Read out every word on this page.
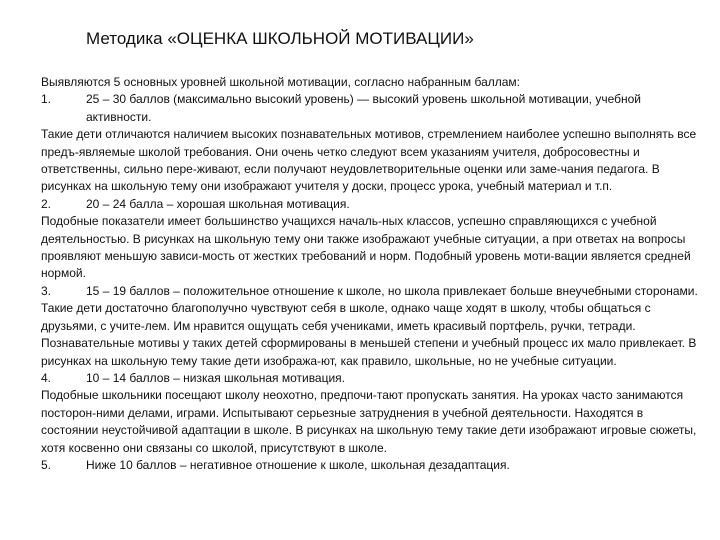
Методика «ОЦЕНКА ШКОЛЬНОЙ МОТИВАЦИИ»

Выявляются 5 основных уровней школьной мотивации, согласно набранным баллам:

1.	25 – 30 баллов (максимально высокий уровень) — высокий уровень школьной мотивации, учебной активности.

Такие дети отличаются наличием высоких познавательных мотивов, стремлением наиболее успешно выполнять все предъ-являемые школой требования. Они очень четко следуют всем указаниям учителя, добросовестны и ответственны, сильно пере-живают, если получают неудовлетворительные оценки или заме-чания педагога. В рисунках на школьную тему они изображают учителя у доски, процесс урока, учебный материал и т.п.

2.	20 – 24 балла – хорошая школьная мотивация.

Подобные показатели имеет большинство учащихся началь-ных классов, успешно справляющихся с учебной деятельностью. В рисунках на школьную тему они также изображают учебные ситуации, а при ответах на вопросы проявляют меньшую зависи-мость от жестких требований и норм. Подобный уровень моти-вации является средней нормой.

3.	15 – 19 баллов – положительное отношение к школе, но школа привлекает больше внеучебными сторонами.

Такие дети достаточно благополучно чувствуют себя в школе, однако чаще ходят в школу, чтобы общаться с друзьями, с учите-лем. Им нравится ощущать себя учениками, иметь красивый портфель, ручки, тетради. Познавательные мотивы у таких детей сформированы в меньшей степени и учебный процесс их мало привлекает. В рисунках на школьную тему такие дети изобража-ют, как правило, школьные, но не учебные ситуации.

4.	10 – 14 баллов – низкая школьная мотивация.

Подобные школьники посещают школу неохотно, предпочи-тают пропускать занятия. На уроках часто занимаются посторон-ними делами, играми. Испытывают серьезные затруднения в учебной деятельности. Находятся в состоянии неустойчивой адаптации в школе. В рисунках на школьную тему такие дети изображают игровые сюжеты, хотя косвенно они связаны со школой, присутствуют в школе.

5.	Ниже 10 баллов – негативное отношение к школе, школьная дезадаптация.
